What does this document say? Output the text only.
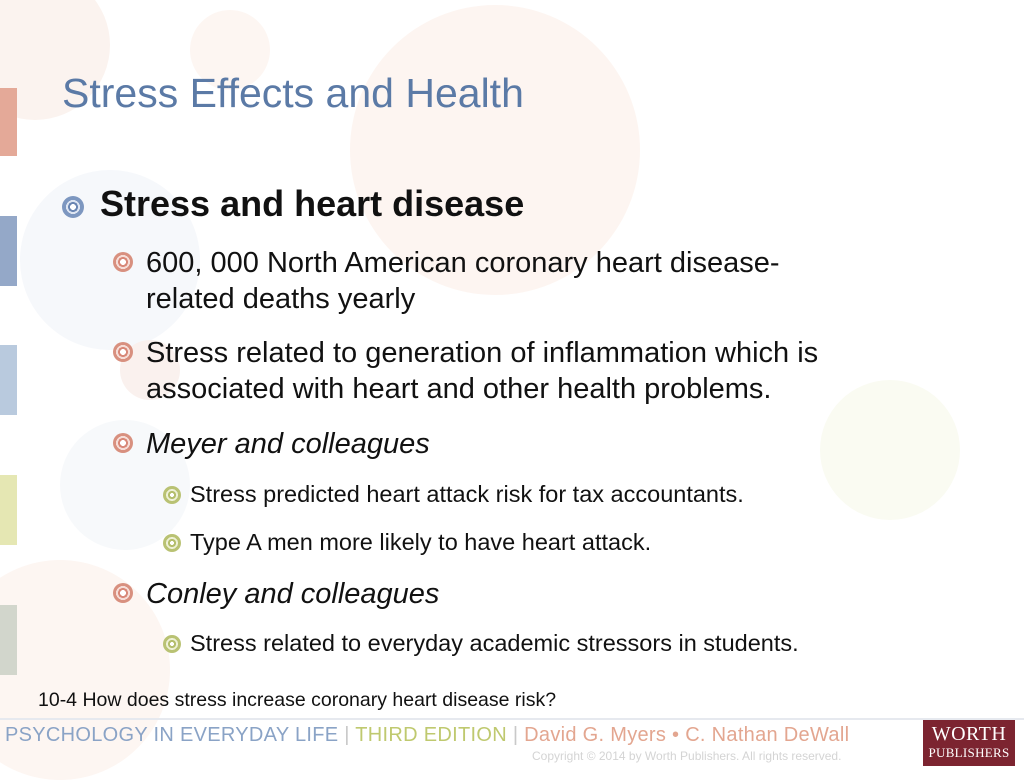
Stress Effects and Health
Stress and heart disease
600, 000 North American coronary heart disease-
related deaths yearly
Stress related to generation of inflammation which is
associated with heart and other health problems.
Meyer and colleagues
Stress predicted heart attack risk for tax accountants.
Type A men more likely to have heart attack.
Conley and colleagues
Stress related to everyday academic stressors in students.
10-4 How does stress increase coronary heart disease risk?
PSYCHOLOGY IN EVERYDAY LIFE | THIRD EDITION | David G. Myers • C. Nathan DeWall
Copyright © 2014 by Worth Publishers. All rights reserved.
WORTH
PUBLISHERS
